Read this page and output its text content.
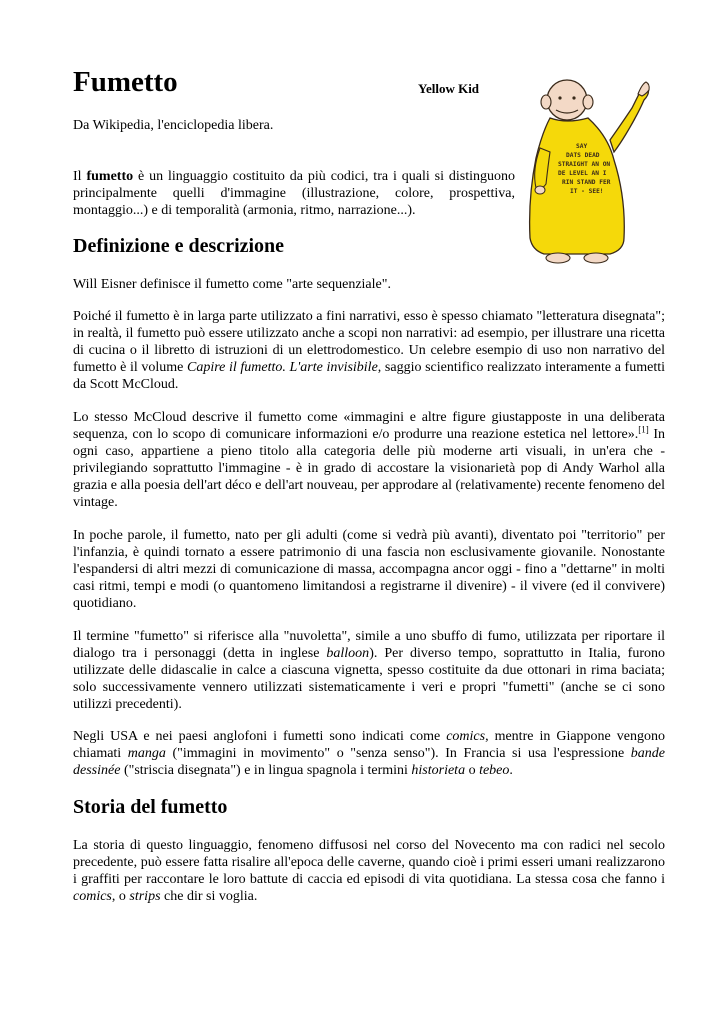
Fumetto	Yellow Kid
SAY
DATS DEAD
STRAIGHT AN ON
DE LEVEL AN I
RIN STAND FER
IT - SEE!
Da Wikipedia, l'enciclopedia libera.

Il fumetto è un linguaggio costituito da più codici, tra i quali si distinguono principalmente quelli d'immagine (illustrazione, colore, prospettiva, montaggio...) e di temporalità (armonia, ritmo, narrazione...).

Definizione e descrizione

Will Eisner definisce il fumetto come "arte sequenziale".

Poiché il fumetto è in larga parte utilizzato a fini narrativi, esso è spesso chiamato "letteratura disegnata"; in realtà, il fumetto può essere utilizzato anche a scopi non narrativi: ad esempio, per illustrare una ricetta di cucina o il libretto di istruzioni di un elettrodomestico. Un celebre esempio di uso non narrativo del fumetto è il volume Capire il fumetto. L'arte invisibile, saggio scientifico realizzato interamente a fumetti da Scott McCloud.

Lo stesso McCloud descrive il fumetto come «immagini e altre figure giustapposte in una deliberata sequenza, con lo scopo di comunicare informazioni e/o produrre una reazione estetica nel lettore».[1] In ogni caso, appartiene a pieno titolo alla categoria delle più moderne arti visuali, in un'era che - privilegiando soprattutto l'immagine - è in grado di accostare la visionarietà pop di Andy Warhol alla grazia e alla poesia dell'art déco e dell'art nouveau, per approdare al (relativamente) recente fenomeno del vintage.

In poche parole, il fumetto, nato per gli adulti (come si vedrà più avanti), diventato poi "territorio" per l'infanzia, è quindi tornato a essere patrimonio di una fascia non esclusivamente giovanile. Nonostante l'espandersi di altri mezzi di comunicazione di massa, accompagna ancor oggi - fino a "dettarne" in molti casi ritmi, tempi e modi (o quantomeno limitandosi a registrarne il divenire) - il vivere (ed il convivere) quotidiano.

Il termine "fumetto" si riferisce alla "nuvoletta", simile a uno sbuffo di fumo, utilizzata per riportare il dialogo tra i personaggi (detta in inglese balloon). Per diverso tempo, soprattutto in Italia, furono utilizzate delle didascalie in calce a ciascuna vignetta, spesso costituite da due ottonari in rima baciata; solo successivamente vennero utilizzati sistematicamente i veri e propri "fumetti" (anche se ci sono utilizzi precedenti).

Negli USA e nei paesi anglofoni i fumetti sono indicati come comics, mentre in Giappone vengono chiamati manga ("immagini in movimento" o "senza senso"). In Francia si usa l'espressione bande dessinée ("striscia disegnata") e in lingua spagnola i termini historieta o tebeo.

Storia del fumetto

La storia di questo linguaggio, fenomeno diffusosi nel corso del Novecento ma con radici nel secolo precedente, può essere fatta risalire all'epoca delle caverne, quando cioè i primi esseri umani realizzarono i graffiti per raccontare le loro battute di caccia ed episodi di vita quotidiana. La stessa cosa che fanno i comics, o strips che dir si voglia.
